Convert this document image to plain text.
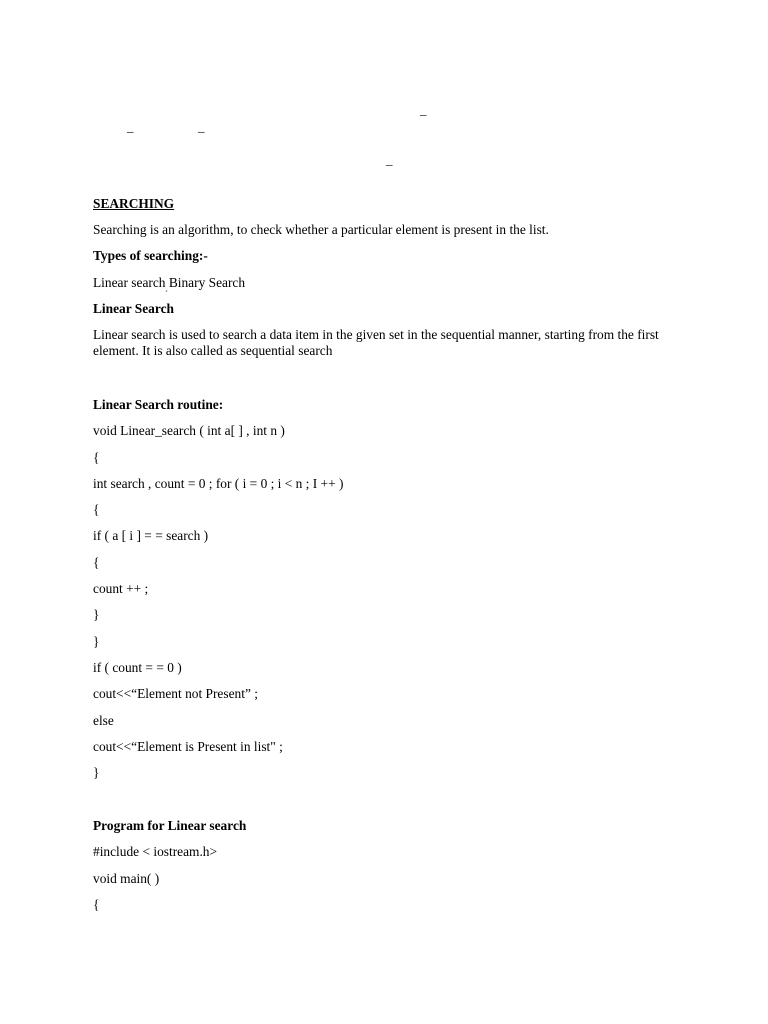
_
_	_
_
SEARCHING
Searching is an algorithm, to check whether a particular element is present in the list.
Types of searching:-
Linear search Binary Search
´
Linear Search
Linear search is used to search a data item in the given set in the sequential manner, starting from the first element. It is also called as sequential search
Linear Search routine:
void Linear_search ( int a[ ] , int n )
{
int search , count = 0 ; for ( i = 0 ; i < n ; I ++ )
{
if ( a [ i ] = = search )
{
count ++ ;
}
}
if ( count = = 0 )
cout<<“Element not Present” ;
else
cout<<“Element is Present in list" ;
}
Program for Linear search
#include < iostream.h>
void main( )
{
